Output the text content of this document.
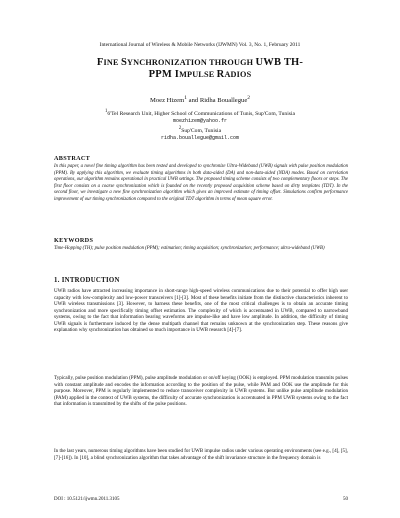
International Journal of Wireless & Mobile Networks (IJWMN) Vol. 3, No. 1, February 2011
FINE SYNCHRONIZATION THROUGH UWB TH-
PPM IMPULSE RADIOS
Moez Hizem$^1$ and Ridha Bouallegue$^2$
$^1$6'Tel Research Unit, Higher School of Communications of Tunis, Sup'Com, Tunisia
moezhizem@yahoo.fr
$^2$Sup'Com, Tunisia
ridha.bouallegue@gmail.com
ABSTRACT
In this paper, a novel fine timing algorithm has been tested and developed to synchronize Ultra-Wideband (UWB) signals with pulse position modulation (PPM). By applying this algorithm, we evaluate timing algorithms in both data-aided (DA) and non-data-aided (NDA) modes. Based on correlation operations, our algorithm remains operational in practical UWB settings. The proposed timing scheme consists of two complementary floors or steps. The first floor consists on a coarse synchronization which is founded on the recently proposed acquisition scheme based on dirty templates (TDT). In the second floor, we investigate a new fine synchronization algorithm which gives an improved estimate of timing offset. Simulations confirm performance improvement of our timing synchronization compared to the original TDT algorithm in terms of mean square error.
KEYWORDS
Time-Hopping (TH); pulse position modulation (PPM); estimation; timing acquisition; synchronization; performance; ultra-wideband (UWB)
1. INTRODUCTION
UWB radios have attracted increasing importance in short-range high-speed wireless communications due to their potential to offer high user capacity with low-complexity and low-power transceivers [1]-[3]. Most of these benefits initiate from the distinctive characteristics inherent to UWB wireless transmissions [3]. However, to harness these benefits, one of the most critical challenges is to obtain an accurate timing synchronization and more specifically timing offset estimation. The complexity of which is accentuated in UWB, compared to narrowband systems, owing to the fact that information bearing waveforms are impulse-like and have low amplitude. In addition, the difficulty of timing UWB signals is furthermore induced by the dense multipath channel that remains unknown at the synchronization step. These reasons give explanation why synchronization has obtained so much importance in UWB research [4]-[7].
Typically, pulse position modulation (PPM), pulse amplitude modulation or on/off keying (OOK) is employed. PPM modulation transmits pulses with constant amplitude and encodes the information according to the position of the pulse, while PAM and OOK use the amplitude for this purpose. Moreover, PPM is regularly implemented to reduce transceiver complexity in UWB systems. But unlike pulse amplitude modulation (PAM) applied in the context of UWB systems, the difficulty of accurate synchronization is accentuated in PPM UWB systems owing to the fact that information is transmitted by the shifts of the pulse positions.
In the last years, numerous timing algorithms have been studied for UWB impulse radios under various operating environments (see e.g., [4], [5], [7]-[16]). In [10], a blind synchronization algorithm that takes advantage of the shift invariance structure in the frequency domain is
DOI : 10.5121/ijwmn.2011.3105	50
